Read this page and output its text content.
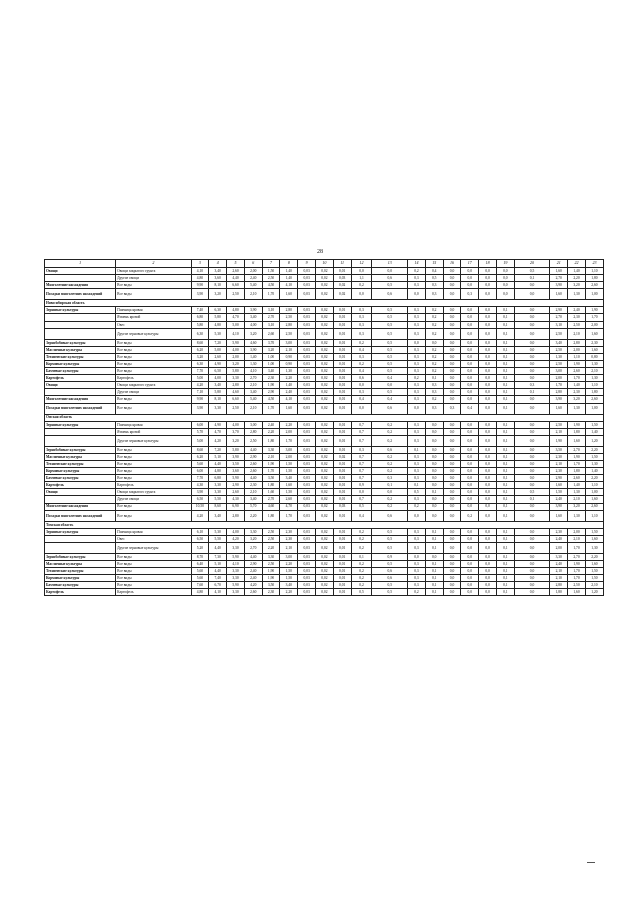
28
1	2	3	4	5	6	7	8	9	10	11	12	13	14	15	16	17	18	19	20	21	22	23
Овощи	Овощи закрытого грунта	4,10	3,40	2,60	2,00	1,50	1,40	0,03	0,02	0,01	0,0	0,0	0,2	0,4	0,0	0,0	0,0	0,0	0,5	1,60	1,40	1,10
	Другие овощи	4,80	3,60	4,40	2,40	2,50	1,40	0,03	0,02	0,03	1,1	0,6	0,3	0,5	0,0	0,0	0,0	0,0	0,1	2,70	2,20	1,80
Многолетние насаждения	Все виды	9,90	8,10	6,60	5,40	4,50	4,10	0,03	0,02	0,02	0,2	0,5	0,3	0,3	0,0	0,0	0,0	0,0	0,0	3,90	3,20	2,60
Посадки многолетних насаждений	Все виды	3,90	3,20	2,50	2,10	1,70	1,60	0,03	0,02	0,02	0,0	0,6	0,0	0,3	0,0	0,3	0,0	0,0	0,0	1,60	1,30	1,00
Новосибирская область																						
Зерновые культуры	Пшеница яровая	7,40	6,30	4,80	3,90	3,10	2,80	0,03	0,02	0,01	0,3	0,5	0,3	0,2	0,0	0,0	0,0	0,1	0,0	2,90	2,40	1,90
	Ячмень яровой	6,80	5,80	4,70	3,40	2,70	2,50	0,03	0,02	0,01	0,3	0,5	0,3	0,2	0,0	0,0	0,0	0,1	0,0	2,70	2,30	1,70
	Овес	5,80	4,80	5,00	4,00	3,10	2,80	0,03	0,02	0,01	0,3	0,5	0,3	0,2	0,0	0,0	0,0	0,1	0,0	3,10	2,50	2,00
	Другие зерновые культуры	6,30	5,30	4,10	3,20	2,60	2,50	0,03	0,02	0,01	0,3	0,5	0,3	0,2	0,0	0,0	0,0	0,1	0,0	2,50	2,10	1,60
Зернобобовые культуры	Все виды	8,60	7,20	5,90	4,60	3,70	3,00	0,03	0,02	0,01	0,2	0,5	0,0	0,0	0,0	0,0	0,0	0,1	0,0	3,40	2,80	2,30
Масличные культуры	Все виды	6,20	5,00	4,00	3,90	3,20	2,10	0,03	0,02	0,01	0,4	0,5	0,3	0,2	0,0	0,0	0,0	0,1	0,0	2,50	2,00	1,60
Технические культуры	Все виды	3,20	2,60	2,00	1,40	1,00	0,90	0,03	0,02	0,01	0,3	0,5	0,3	0,2	0,0	0,0	0,0	0,1	0,0	1,30	1,10	0,80
Кормовые культуры	Все виды	6,30	4,90	3,20	1,30	1,00	0,90	0,03	0,02	0,01	0,2	0,5	0,3	0,2	0,0	0,0	0,0	0,1	0,0	2,50	1,90	1,30
Бахчевые культуры	Все виды	7,70	6,50	5,80	4,10	3,40	1,30	0,03	0,02	0,01	0,4	0,5	0,3	0,2	0,0	0,0	0,0	0,1	0,0	3,00	2,60	2,10
Картофель	Картофель	5,00	4,00	3,30	2,70	2,30	2,20	0,03	0,02	0,01	0,6	0,4	0,2	0,1	0,0	0,0	0,0	0,1	0,0	2,00	1,70	1,30
Овощи	Овощи закрытого грунта	4,20	3,40	2,80	2,10	1,90	1,40	0,03	0,02	0,01	0,0	0,0	0,3	0,3	0,0	0,0	0,0	0,1	0,3	1,70	1,40	1,10
	Другие овощи	7,10	5,80	4,60	3,40	2,90	2,40	0,03	0,02	0,01	0,3	0,5	0,3	0,3	0,0	0,0	0,0	0,1	0,1	2,80	2,30	1,80
Многолетние насаждения	Все виды	9,90	8,10	6,60	5,40	4,50	4,10	0,03	0,02	0,01	0,4	0,4	0,3	0,2	0,0	0,0	0,0	0,1	0,0	3,90	3,20	2,60
Посадки многолетних насаждений	Все виды	3,90	3,30	2,50	2,10	1,70	1,60	0,03	0,02	0,01	0,0	0,6	0,0	0,3	0,3	0,4	0,0	0,1	0,0	1,60	1,30	1,00
Омская область																						
Зерновые культуры	Пшеница яровая	6,00	4,90	4,00	3,00	2,40	2,20	0,03	0,02	0,01	0,7	0,2	0,3	0,0	0,0	0,0	0,0	0,1	0,0	2,50	1,90	1,50
	Ячмень яровой	5,70	4,70	3,70	2,80	2,20	2,00	0,03	0,02	0,01	0,7	0,2	0,3	0,0	0,0	0,0	0,0	0,1	0,0	2,10	1,80	1,40
	Другие зерновые культуры	5,00	4,20	3,20	2,50	1,80	1,70	0,03	0,02	0,01	0,7	0,2	0,3	0,0	0,0	0,0	0,0	0,1	0,0	1,90	1,60	1,20
Зернобобовые культуры	Все виды	8,60	7,20	5,80	4,40	3,30	3,00	0,03	0,02	0,01	0,3	0,6	0,1	0,0	0,0	0,0	0,0	0,1	0,0	3,50	2,70	2,20
Масличные культуры	Все виды	6,20	5,10	3,90	2,90	2,10	2,00	0,03	0,02	0,02	0,7	0,2	0,3	0,0	0,0	0,0	0,0	0,1	0,0	2,30	1,90	1,50
Технические культуры	Все виды	5,60	4,40	3,50	2,60	1,90	1,50	0,03	0,02	0,01	0,7	0,2	0,3	0,0	0,0	0,0	0,0	0,1	0,0	2,10	1,70	1,30
Кормовые культуры	Все виды	6,00	4,80	3,60	2,60	1,70	1,50	0,03	0,02	0,01	0,7	0,2	0,3	0,0	0,0	0,0	0,0	0,1	0,0	2,30	1,80	1,40
Бахчевые культуры	Все виды	7,70	6,80	5,90	4,40	3,50	3,40	0,03	0,02	0,01	0,7	0,3	0,3	0,0	0,0	0,0	0,0	0,1	0,0	2,90	2,60	2,20
Картофель	Картофель	4,30	3,30	2,90	2,30	1,80	1,60	0,03	0,02	0,01	0,9	0,1	0,1	0,0	0,0	0,0	0,0	0,1	0,0	1,60	1,40	1,10
Овощи	Овощи закрытого грунта	3,90	3,30	2,60	2,10	1,60	1,50	0,03	0,02	0,01	0,0	0,0	0,5	0,1	0,0	0,0	0,0	0,1	0,5	1,50	1,30	1,00
	Другие овощи	6,50	5,50	4,30	3,40	2,70	2,60	0,03	0,02	0,01	0,7	0,2	0,3	0,0	0,0	0,0	0,0	0,1	0,1	2,40	2,10	1,60
Многолетние насаждения	Все виды	10,50	8,60	6,90	5,70	4,60	4,70	0,03	0,02	0,03	0,5	0,2	0,2	0,0	0,0	0,0	0,0	0,1	0,0	3,90	3,20	2,60
Посадки многолетних насаждений	Все виды	4,20	3,40	2,80	2,20	1,80	1,70	0,03	0,02	0,01	0,4	0,6	0,0	0,0	0,0	0,2	0,0	0,1	0,0	1,60	1,30	1,10
Томская область																						
Зерновые культуры	Пшеница яровая	6,10	5,30	4,00	3,30	2,50	2,30	0,03	0,02	0,01	0,2	0,5	0,3	0,1	0,0	0,0	0,0	0,1	0,0	2,30	2,00	1,50
	Овес	6,50	5,50	4,20	3,20	2,50	2,30	0,03	0,02	0,01	0,2	0,5	0,3	0,1	0,0	0,0	0,0	0,1	0,0	2,40	2,10	1,60
	Другие зерновые культуры	5,20	4,40	3,30	2,70	2,20	2,10	0,03	0,02	0,01	0,2	0,5	0,3	0,1	0,0	0,0	0,0	0,1	0,0	2,00	1,70	1,30
Зернобобовые культуры	Все виды	8,70	7,30	5,90	4,40	3,30	3,00	0,03	0,02	0,01	0,1	0,9	0,0	0,0	0,0	0,0	0,0	0,1	0,0	3,30	2,70	2,20
Масличные культуры	Все виды	6,40	5,10	4,10	2,90	2,50	2,20	0,03	0,02	0,01	0,2	0,5	0,3	0,1	0,0	0,0	0,0	0,1	0,0	2,40	1,90	1,60
Технические культуры	Все виды	5,60	4,40	3,30	2,40	1,90	1,50	0,03	0,02	0,01	0,2	0,6	0,3	0,1	0,0	0,0	0,0	0,1	0,0	2,10	1,70	1,50
Кормовые культуры	Все виды	5,60	7,40	3,30	2,40	1,90	1,50	0,03	0,02	0,01	0,2	0,6	0,3	0,1	0,0	0,0	0,0	0,1	0,0	2,10	1,70	1,50
Бахчевые культуры	Все виды	7,60	6,70	5,90	4,20	3,50	3,40	0,03	0,02	0,01	0,2	0,5	0,3	0,1	0,0	0,0	0,0	0,1	0,0	2,80	2,50	2,10
Картофель	Картофель	4,80	4,10	3,30	2,60	2,30	2,20	0,03	0,02	0,01	0,5	0,5	0,2	0,1	0,0	0,0	0,0	0,1	0,0	1,80	1,60	1,20
